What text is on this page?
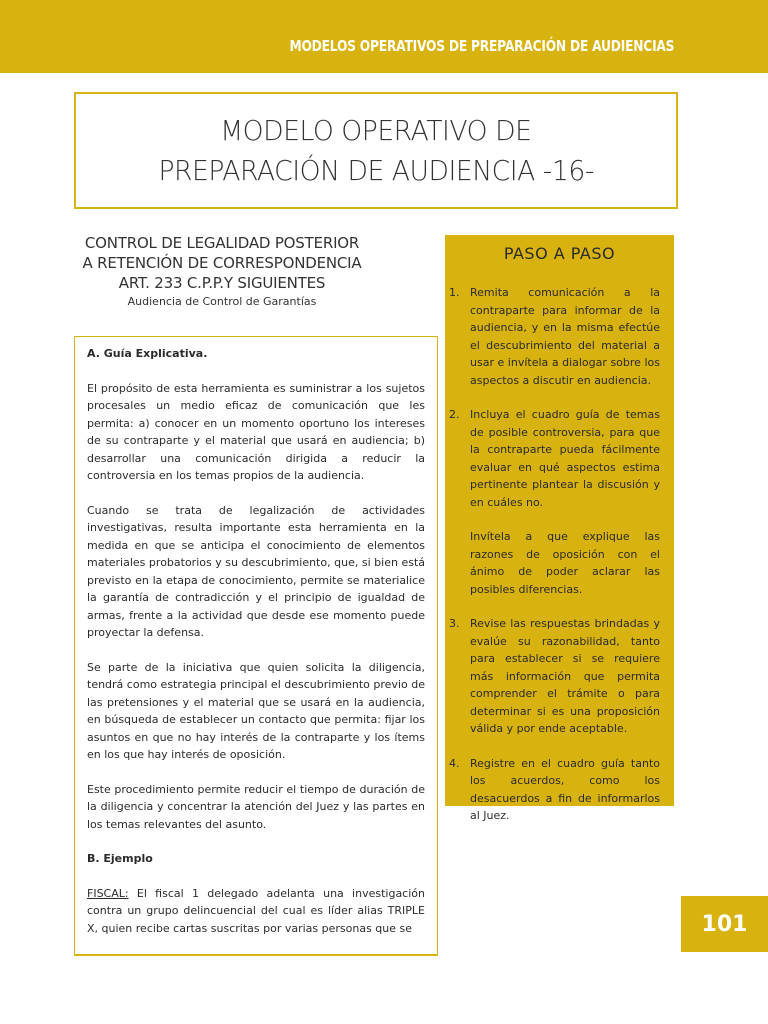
MODELOS OPERATIVOS DE PREPARACIÓN DE AUDIENCIAS
MODELO OPERATIVO DE
PREPARACIÓN DE AUDIENCIA -16-
CONTROL DE LEGALIDAD POSTERIOR
A RETENCIÓN DE CORRESPONDENCIA
ART. 233 C.P.P.Y SIGUIENTES
Audiencia de Control de Garantías
A. Guía Explicativa.

El propósito de esta herramienta es suministrar a los sujetos procesales un medio eficaz de comunicación que les permita: a) conocer en un momento oportuno los intereses de su contraparte y el material que usará en audiencia; b) desarrollar una comunicación dirigida a reducir la controversia en los temas propios de la audiencia.

Cuando se trata de legalización de actividades investigativas, resulta importante esta herramienta en la medida en que se anticipa el conocimiento de elementos materiales probatorios y su descubrimiento, que, si bien está previsto en la etapa de conocimiento, permite se materialice la garantía de contradicción y el principio de igualdad de armas, frente a la actividad que desde ese momento puede proyectar la defensa.

Se parte de la iniciativa que quien solicita la diligencia, tendrá como estrategia principal el descubrimiento previo de las pretensiones y el material que se usará en la audiencia, en búsqueda de establecer un contacto que permita: fijar los asuntos en que no hay interés de la contraparte y los ítems en los que hay interés de oposición.

Este procedimiento permite reducir el tiempo de duración de la diligencia y concentrar la atención del Juez y las partes en los temas relevantes del asunto.

B. Ejemplo

FISCAL: El fiscal 1 delegado adelanta una investigación contra un grupo delincuencial del cual es líder alias TRIPLE X, quien recibe cartas suscritas por varias personas que se

PASO A PASO
1. Remita comunicación a la contraparte para informar de la audiencia, y en la misma efectúe el descubrimiento del material a usar e invítela a dialogar sobre los aspectos a discutir en audiencia.
2. Incluya el cuadro guía de temas de posible controversia, para que la contraparte pueda fácilmente evaluar en qué aspectos estima pertinente plantear la discusión y en cuáles no.
Invítela a que explique las razones de oposición con el ánimo de poder aclarar las posibles diferencias.
3. Revise las respuestas brindadas y evalúe su razonabilidad, tanto para establecer si se requiere más información que permita comprender el trámite o para determinar si es una proposición válida y por ende aceptable.
4. Registre en el cuadro guía tanto los acuerdos, como los desacuerdos a fin de informarlos al Juez.
101
